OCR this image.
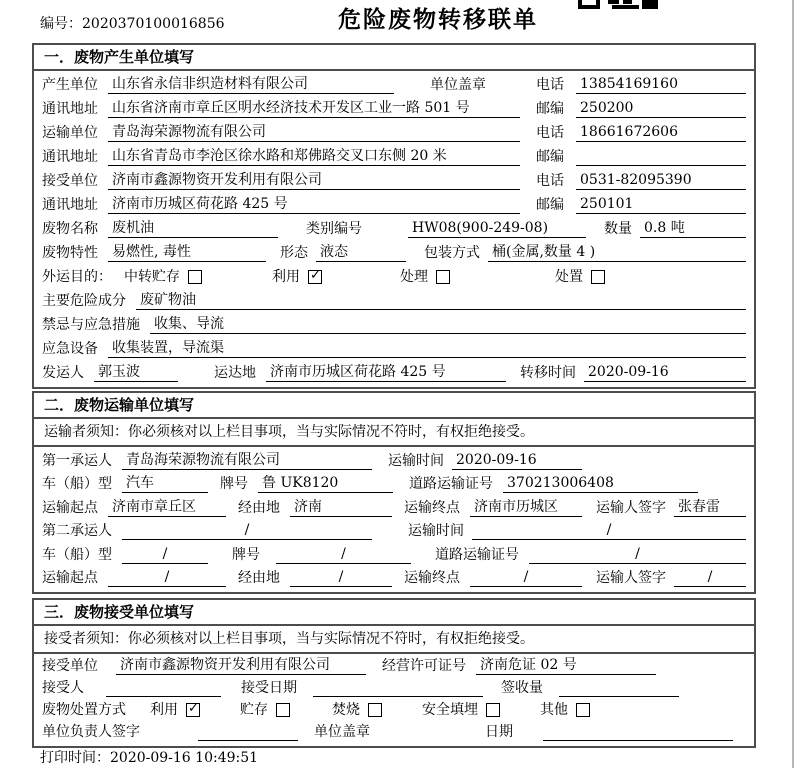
编号：2020370100016856	危险废物转移联单
一．废物产生单位填写
产生单位 山东省永信非织造材料有限公司	单位盖章	电话 13854169160
通讯地址 山东省济南市章丘区明水经济技术开发区工业一路 501 号	邮编 250200
运输单位 青岛海荣源物流有限公司	电话 18661672606
通讯地址 山东省青岛市李沧区徐水路和郑佛路交叉口东侧 20 米	邮编
接受单位 济南市鑫源物资开发利用有限公司	电话 0531-82095390
通讯地址 济南市历城区荷花路 425 号	邮编 250101
废物名称 废机油	类别编号	HW08(900-249-08)	数量 0.8 吨
废物特性 易燃性, 毒性	形态 液态	包装方式 桶(金属,数量 4 )
外运目的： 中转贮存	利用 ✓	处理	处置
主要危险成分 废矿物油
禁忌与应急措施 收集、导流
应急设备 收集装置，导流渠
发运人 郭玉波	运达地 济南市历城区荷花路 425 号	转移时间 2020-09-16
二．废物运输单位填写
运输者须知：你必须核对以上栏目事项，当与实际情况不符时，有权拒绝接受。
第一承运人 青岛海荣源物流有限公司	运输时间 2020-09-16
车（船）型 汽车	牌号 鲁 UK8120	道路运输证号 370213006408
运输起点 济南市章丘区	经由地 济南	运输终点 济南市历城区	运输人签字 张春雷
第二承运人	/	运输时间	/
车（船）型	/	牌号	/	道路运输证号	/
运输起点	/	经由地	/	运输终点	/	运输人签字	/
三．废物接受单位填写
接受者须知：你必须核对以上栏目事项，当与实际情况不符时，有权拒绝接受。
接受单位 济南市鑫源物资开发利用有限公司	经营许可证号 济南危证 02 号
接受人	接受日期	签收量
废物处置方式 利用 ✓	贮存	焚烧	安全填埋	其他
单位负责人签字	单位盖章	日期
打印时间：2020-09-16 10:49:51
